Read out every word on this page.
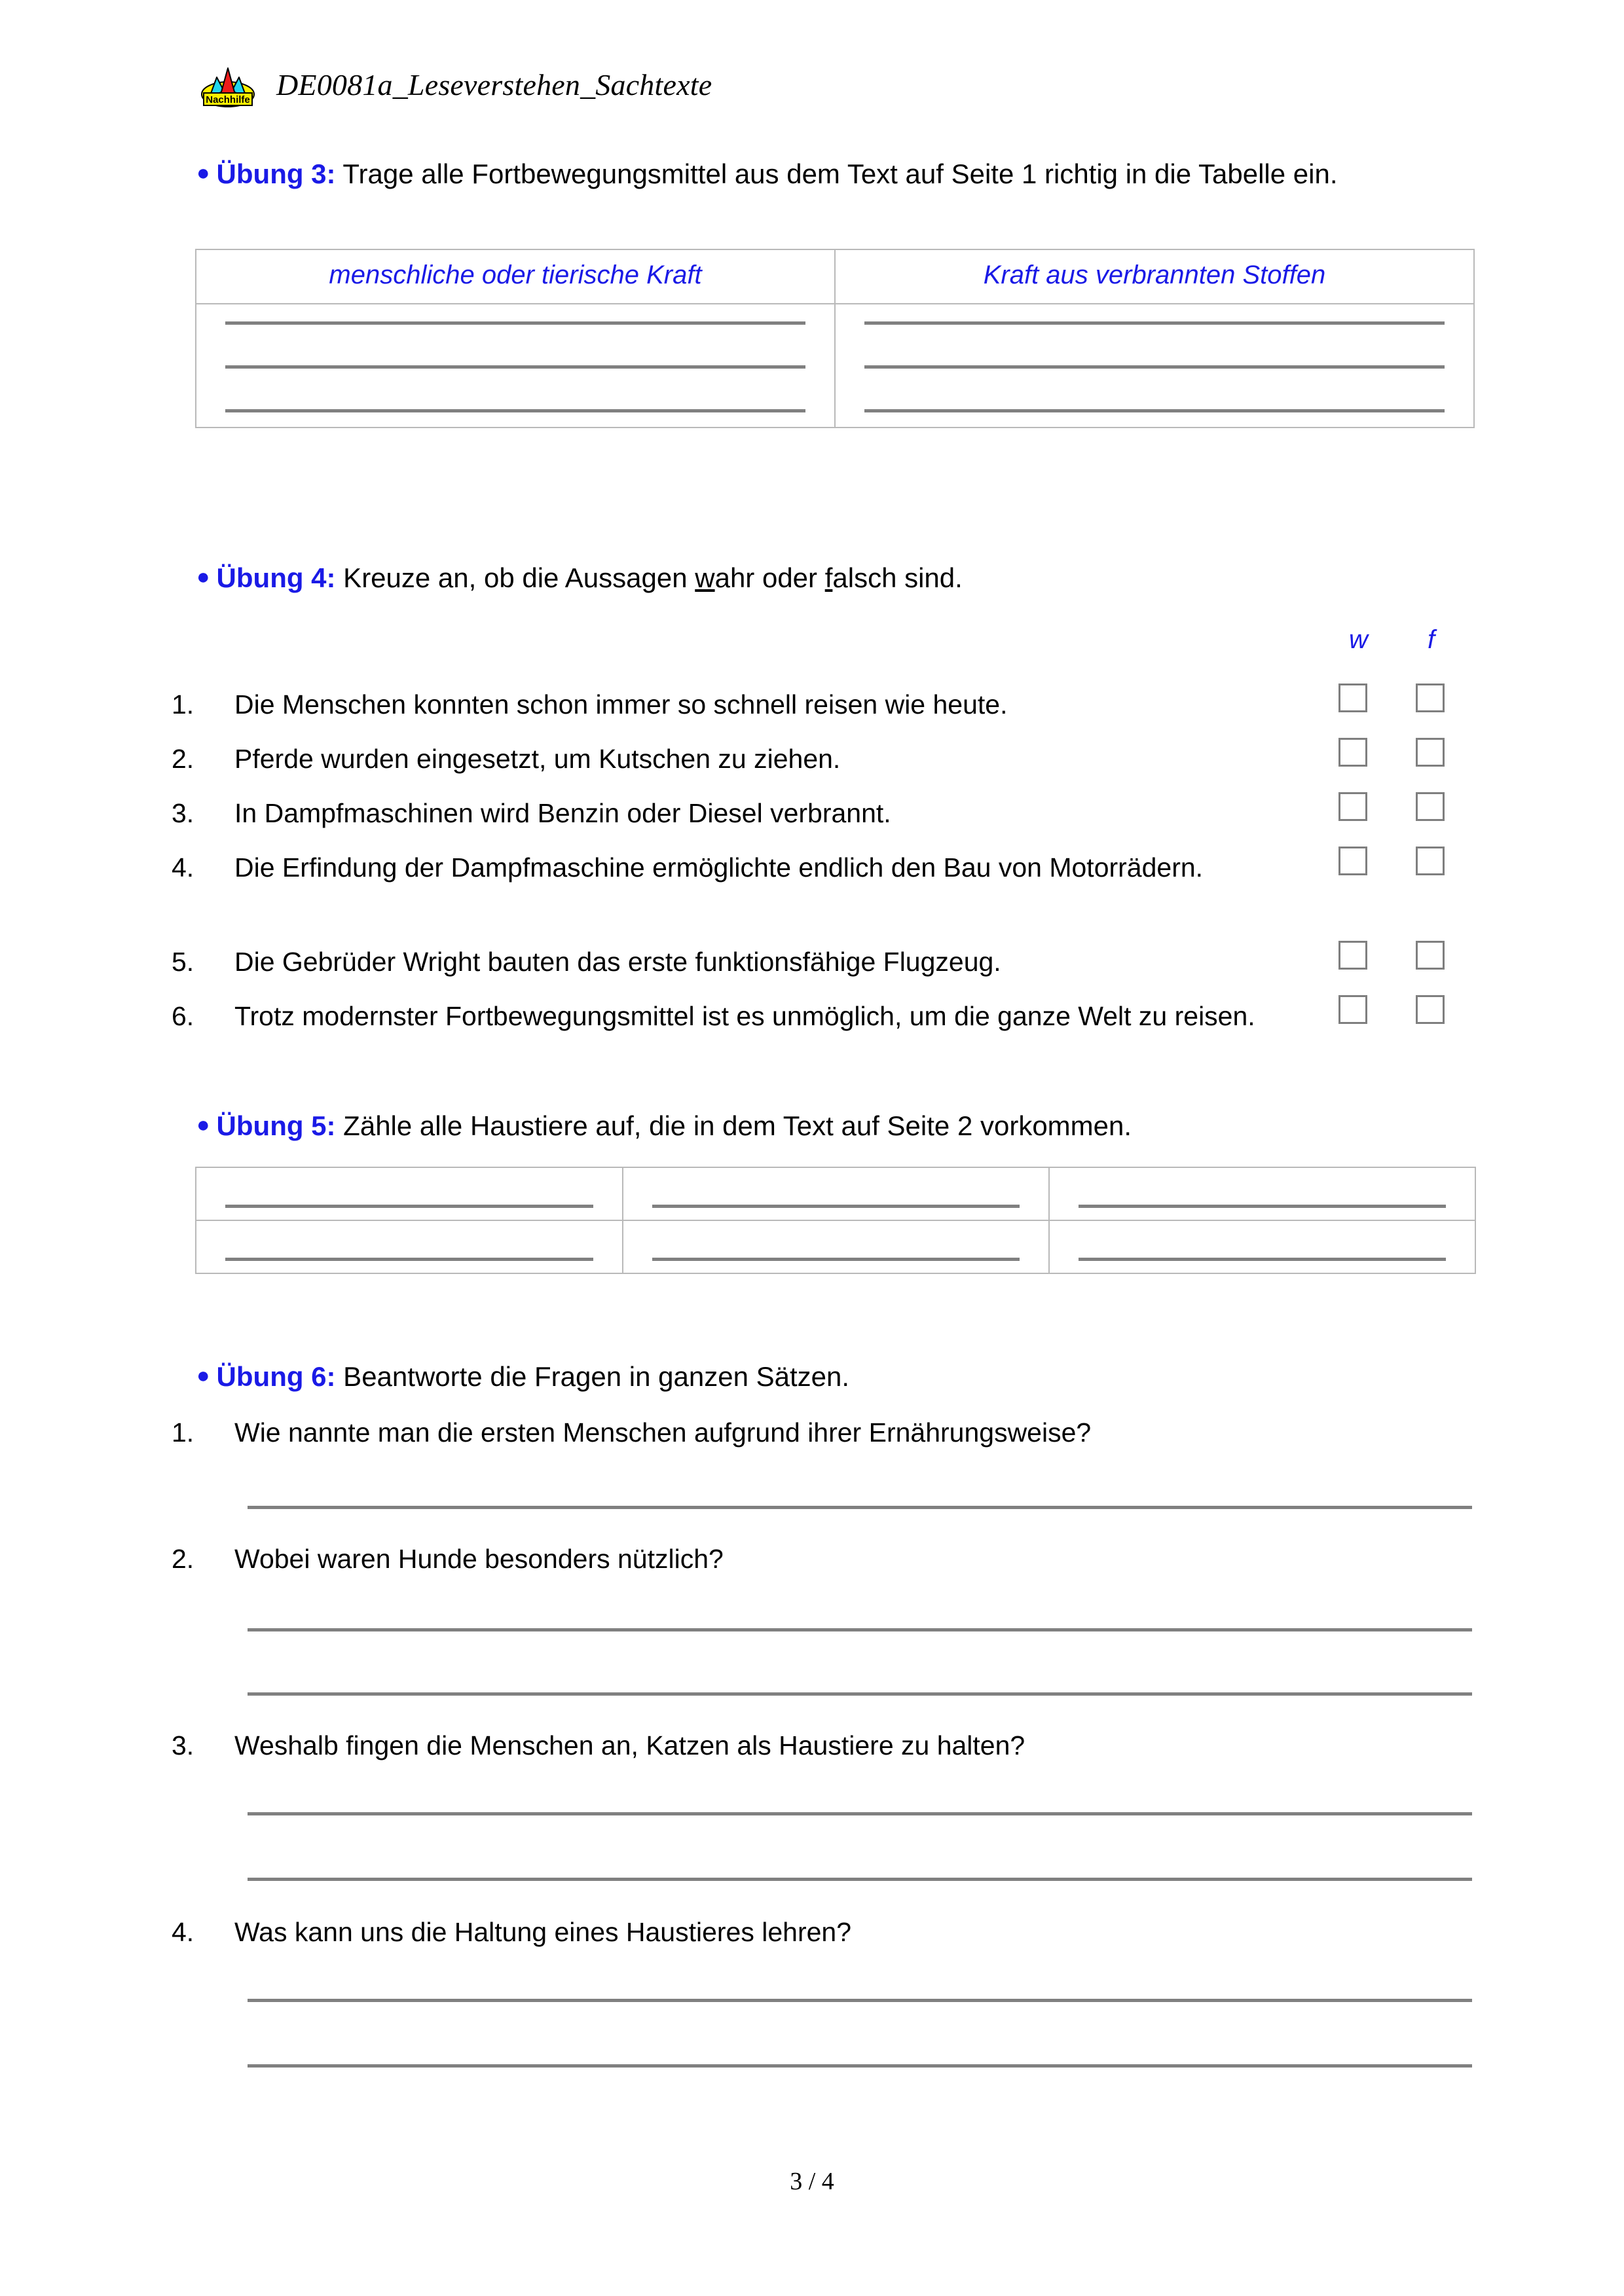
Nachhilfe DE0081a_Leseverstehen_Sachtexte
● Übung 3: Trage alle Fortbewegungsmittel aus dem Text auf Seite 1 richtig in die Tabelle ein.
menschliche oder tierische Kraft	Kraft aus verbrannten Stoffen

● Übung 4: Kreuze an, ob die Aussagen wahr oder falsch sind.
w f
1. Die Menschen konnten schon immer so schnell reisen wie heute.
2. Pferde wurden eingesetzt, um Kutschen zu ziehen.
3. In Dampfmaschinen wird Benzin oder Diesel verbrannt.
4. Die Erfindung der Dampfmaschine ermöglichte endlich den Bau von Motorrädern.
5. Die Gebrüder Wright bauten das erste funktionsfähige Flugzeug.
6. Trotz modernster Fortbewegungsmittel ist es unmöglich, um die ganze Welt zu reisen.
● Übung 5: Zähle alle Haustiere auf, die in dem Text auf Seite 2 vorkommen.

● Übung 6: Beantworte die Fragen in ganzen Sätzen.
1. Wie nannte man die ersten Menschen aufgrund ihrer Ernährungsweise?
2. Wobei waren Hunde besonders nützlich?
3. Weshalb fingen die Menschen an, Katzen als Haustiere zu halten?
4. Was kann uns die Haltung eines Haustieres lehren?
3 / 4
